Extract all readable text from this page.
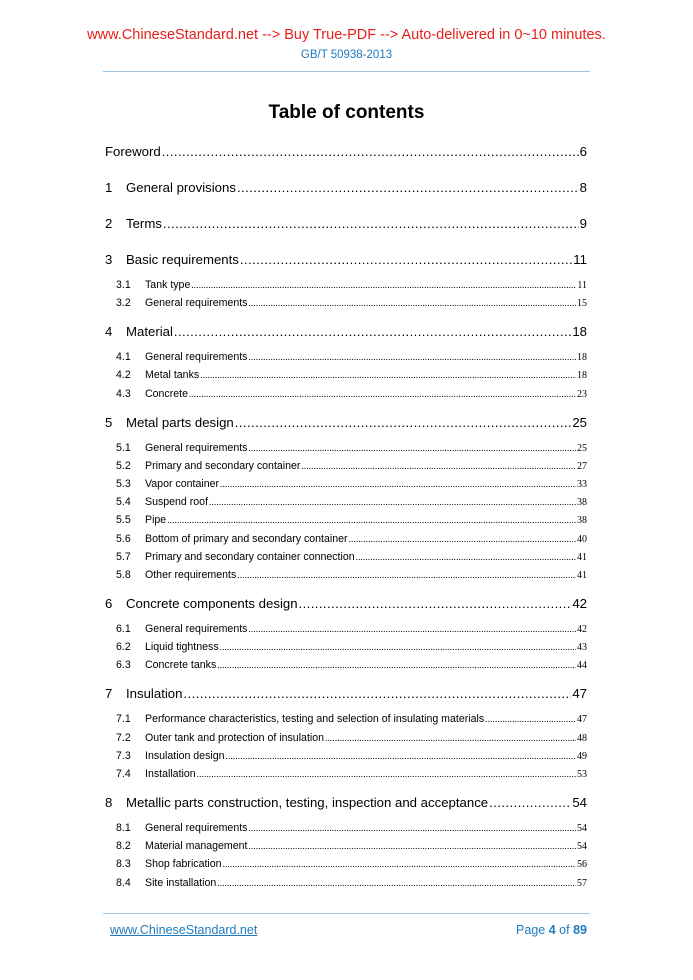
www.ChineseStandard.net --> Buy True-PDF --> Auto-delivered in 0~10 minutes.
GB/T 50938-2013
Table of contents
Foreword .....	6
1	General provisions .....	8
2	Terms .....	9
3	Basic requirements .....	11
3.1	Tank type .....	11
3.2	General requirements .....	15
4	Material .....	18
4.1	General requirements .....	18
4.2	Metal tanks .....	18
4.3	Concrete .....	23
5	Metal parts design .....	25
5.1	General requirements .....	25
5.2	Primary and secondary container .....	27
5.3	Vapor container .....	33
5.4	Suspend roof .....	38
5.5	Pipe .....	38
5.6	Bottom of primary and secondary container .....	40
5.7	Primary and secondary container connection .....	41
5.8	Other requirements .....	41
6	Concrete components design .....	42
6.1	General requirements .....	42
6.2	Liquid tightness .....	43
6.3	Concrete tanks .....	44
7	Insulation .....	47
7.1	Performance characteristics, testing and selection of insulating materials .....	47
7.2	Outer tank and protection of insulation .....	48
7.3	Insulation design .....	49
7.4	Installation .....	53
8	Metallic parts construction, testing, inspection and acceptance .....	54
8.1	General requirements .....	54
8.2	Material management .....	54
8.3	Shop fabrication .....	56
8.4	Site installation .....	57
www.ChineseStandard.net	Page 4 of 89
